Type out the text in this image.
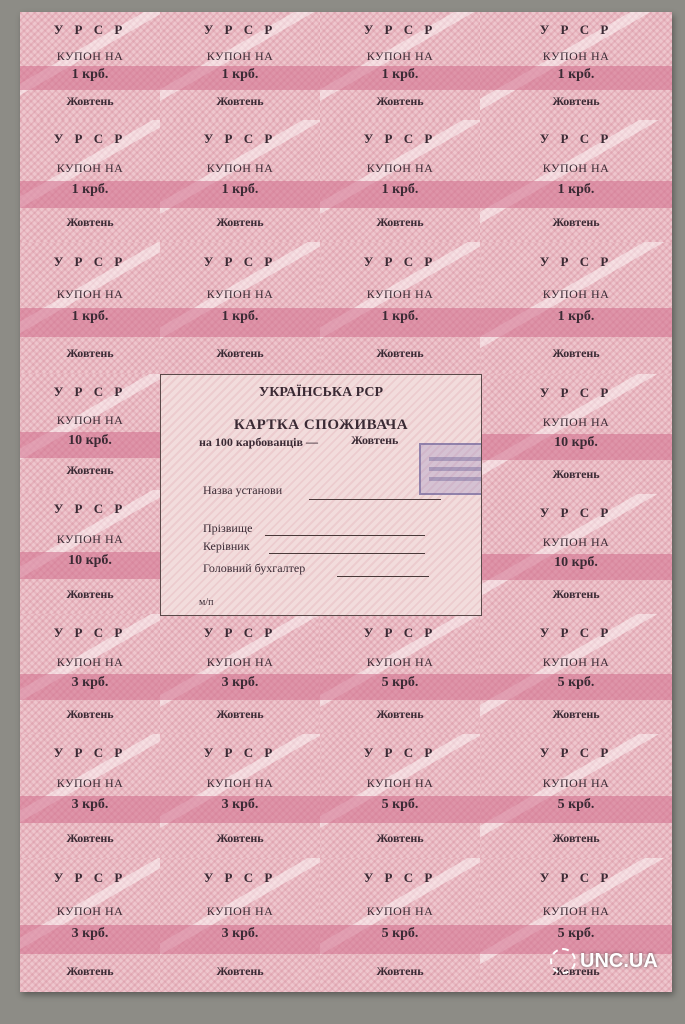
У Р С Р
КУПОН НА
1 крб.
Жовтень
У Р С Р
КУПОН НА
1 крб.
Жовтень
У Р С Р
КУПОН НА
1 крб.
Жовтень
У Р С Р
КУПОН НА
1 крб.
Жовтень
У Р С Р
КУПОН НА
1 крб.
Жовтень
У Р С Р
КУПОН НА
1 крб.
Жовтень
У Р С Р
КУПОН НА
1 крб.
Жовтень
У Р С Р
КУПОН НА
1 крб.
Жовтень
У Р С Р
КУПОН НА
1 крб.
Жовтень
У Р С Р
КУПОН НА
1 крб.
Жовтень
У Р С Р
КУПОН НА
1 крб.
Жовтень
У Р С Р
КУПОН НА
1 крб.
Жовтень
У Р С Р
КУПОН НА
10 крб.
Жовтень
У Р С Р
КУПОН НА
10 крб.
Жовтень
У Р С Р
КУПОН НА
10 крб.
Жовтень
У Р С Р
КУПОН НА
10 крб.
Жовтень
У Р С Р
КУПОН НА
3 крб.
Жовтень
У Р С Р
КУПОН НА
3 крб.
Жовтень
У Р С Р
КУПОН НА
5 крб.
Жовтень
У Р С Р
КУПОН НА
5 крб.
Жовтень
У Р С Р
КУПОН НА
3 крб.
Жовтень
У Р С Р
КУПОН НА
3 крб.
Жовтень
У Р С Р
КУПОН НА
5 крб.
Жовтень
У Р С Р
КУПОН НА
5 крб.
Жовтень
У Р С Р
КУПОН НА
3 крб.
Жовтень
У Р С Р
КУПОН НА
3 крб.
Жовтень
У Р С Р
КУПОН НА
5 крб.
Жовтень
У Р С Р
КУПОН НА
5 крб.
Жовтень
УКРАЇНСЬКА РСР
КАРТКА СПОЖИВАЧА
на 100 карбованців —	Жовтень
Назва установи
Прізвище
Керівник
Головний бухгалтер
м/п
UNC.UA
